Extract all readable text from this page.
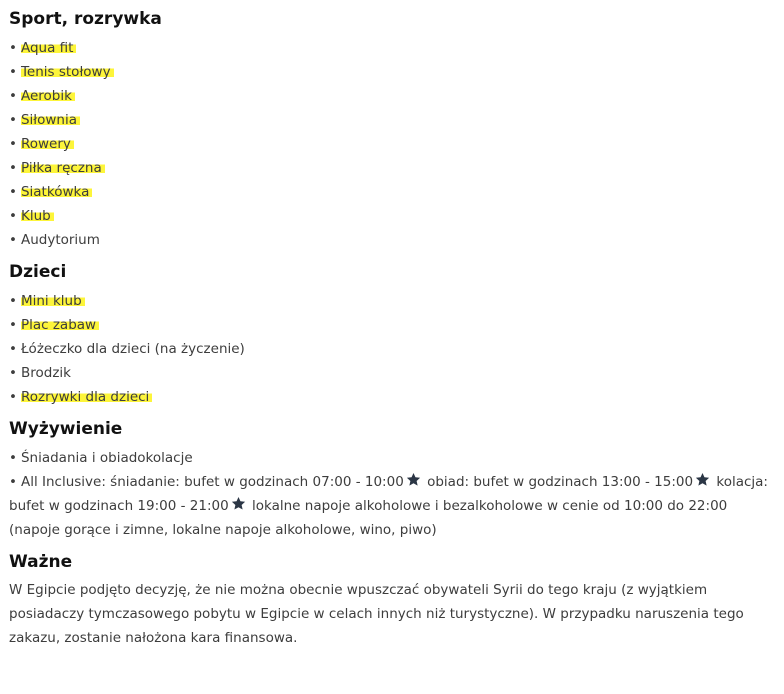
Sport, rozrywka
• Aqua fit
• Tenis stołowy
• Aerobik
• Siłownia
• Rowery
• Piłka ręczna
• Siatkówka
• Klub
• Audytorium
Dzieci
• Mini klub
• Plac zabaw
• Łóżeczko dla dzieci (na życzenie)
• Brodzik
• Rozrywki dla dzieci
Wyżywienie
• Śniadania i obiadokolacje

• All Inclusive: śniadanie: bufet w godzinach 07:00 - 10:00 obiad: bufet w godzinach 13:00 - 15:00 kolacja: bufet w godzinach 19:00 - 21:00 lokalne napoje alkoholowe i bezalkoholowe w cenie od 10:00 do 22:00 (napoje gorące i zimne, lokalne napoje alkoholowe, wino, piwo)

Ważne

W Egipcie podjęto decyzję, że nie można obecnie wpuszczać obywateli Syrii do tego kraju (z wyjątkiem posiadaczy tymczasowego pobytu w Egipcie w celach innych niż turystyczne). W przypadku naruszenia tego zakazu, zostanie nałożona kara finansowa.
